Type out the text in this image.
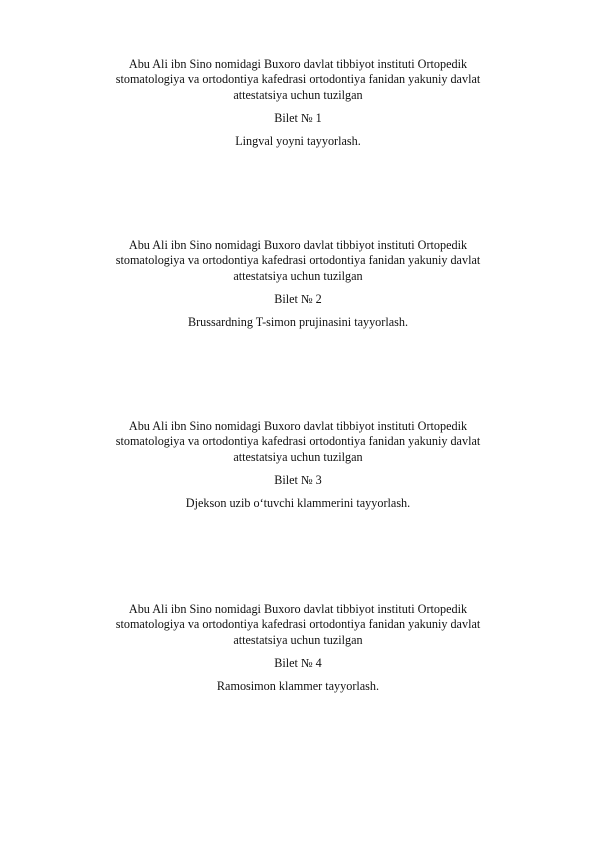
Abu Ali ibn Sino nomidagi Buxoro davlat tibbiyot instituti Ortopedik stomatologiya va ortodontiya kafedrasi ortodontiya fanidan yakuniy davlat attestatsiya uchun tuzilgan

Bilet № 1

Lingval yoyni tayyorlash.

Abu Ali ibn Sino nomidagi Buxoro davlat tibbiyot instituti Ortopedik stomatologiya va ortodontiya kafedrasi ortodontiya fanidan yakuniy davlat attestatsiya uchun tuzilgan

Bilet № 2

Brussardning T-simon prujinasini tayyorlash.

Abu Ali ibn Sino nomidagi Buxoro davlat tibbiyot instituti Ortopedik stomatologiya va ortodontiya kafedrasi ortodontiya fanidan yakuniy davlat attestatsiya uchun tuzilgan

Bilet № 3

Djekson uzib o‘tuvchi klammerini tayyorlash.

Abu Ali ibn Sino nomidagi Buxoro davlat tibbiyot instituti Ortopedik stomatologiya va ortodontiya kafedrasi ortodontiya fanidan yakuniy davlat attestatsiya uchun tuzilgan

Bilet № 4

Ramosimon klammer tayyorlash.
